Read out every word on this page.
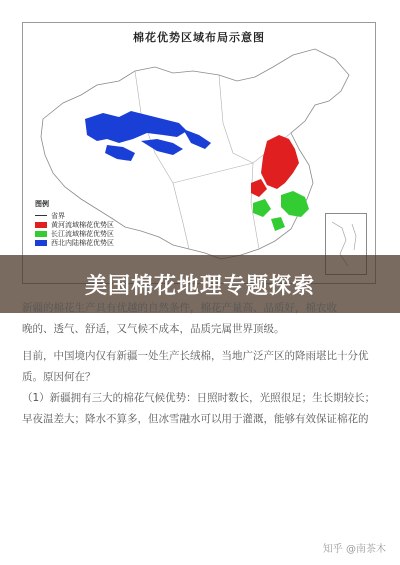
棉花优势区域布局示意图
图例
省界
黄河流域棉花优势区
长江流域棉花优势区
西北内陆棉花优势区
美国棉花地理专题探索
新疆的棉花生产具有优越的自然条件，棉花产量高、品质好，棉农收
晚的、透气、舒适，又气候不成本，品质完属世界顶级。
目前，中国境内仅有新疆一处生产长绒棉，当地广泛产区的降雨堪比十分优
质。原因何在？
（1）新疆拥有三大的棉花气候优势：日照时数长，光照很足；生长期较长；
早夜温差大；降水不算多，但冰雪融水可以用于灌溉，能够有效保证棉花的
知乎 @南茶木
